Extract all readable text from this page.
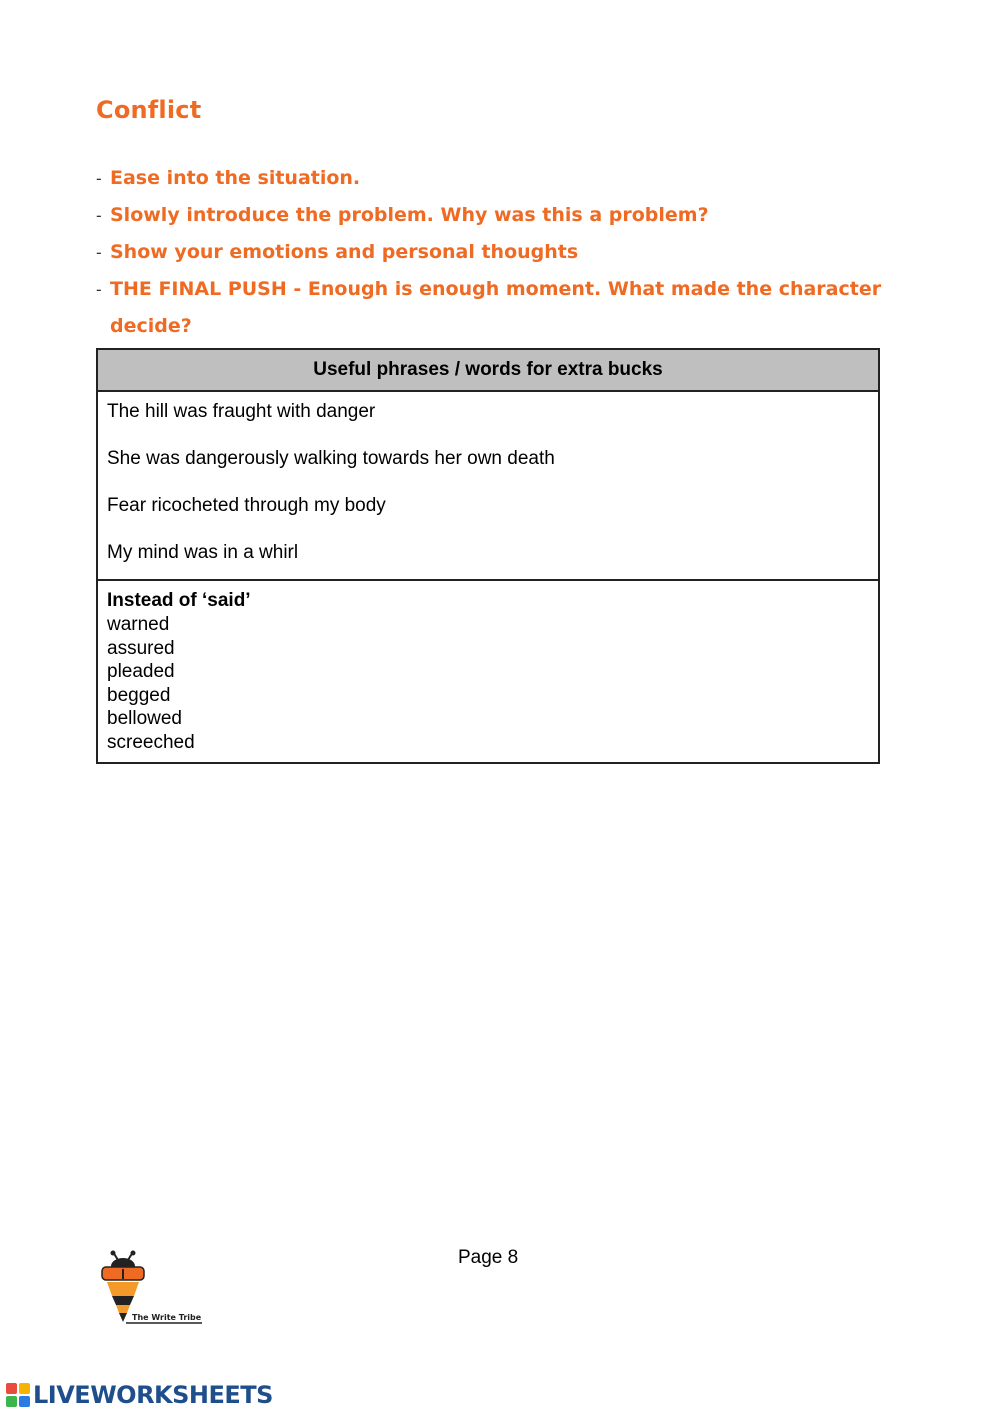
Conflict
- Ease into the situation.
- Slowly introduce the problem. Why was this a problem?
- Show your emotions and personal thoughts
- THE FINAL PUSH - Enough is enough moment. What made the character decide?
Useful phrases / words for extra bucks
The hill was fraught with danger
She was dangerously walking towards her own death
Fear ricocheted through my body
My mind was in a whirl
Instead of ‘said’
warned
assured
pleaded
begged
bellowed
screeched
Page 8
The Write Tribe
LIVEWORKSHEETS
